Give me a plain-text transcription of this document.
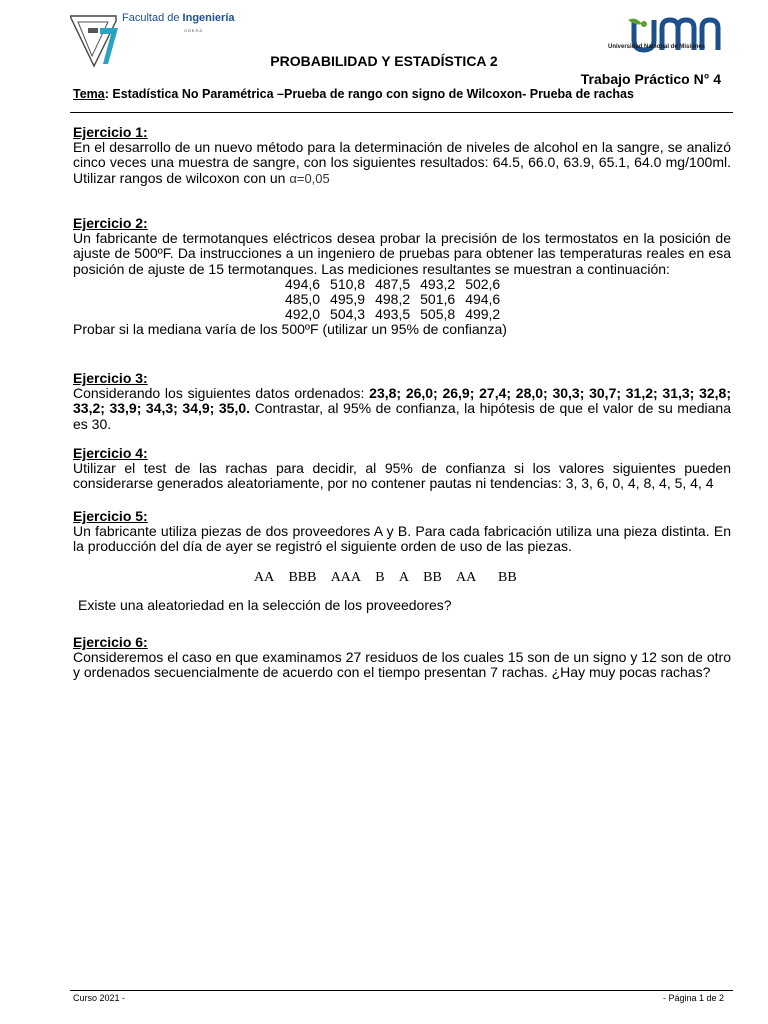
Facultad de Ingeniería
OBERÁ
Universidad Nacional de Misiones
PROBABILIDAD Y ESTADÍSTICA 2
Trabajo Práctico N° 4
Tema: Estadística No Paramétrica –Prueba de rango con signo de Wilcoxon- Prueba de rachas
Ejercicio 1:
En el desarrollo de un nuevo método para la determinación de niveles de alcohol en la sangre, se analizó cinco veces una muestra de sangre, con los siguientes resultados: 64.5, 66.0, 63.9, 65.1, 64.0 mg/100ml. Utilizar rangos de wilcoxon con un α=0,05
Ejercicio 2:
Un fabricante de termotanques eléctricos desea probar la precisión de los termostatos en la posición de ajuste de 500ºF. Da instrucciones a un ingeniero de pruebas para obtener las temperaturas reales en esa posición de ajuste de 15 termotanques. Las mediciones resultantes se muestran a continuación:
494,6	510,8	487,5	493,2	502,6
485,0	495,9	498,2	501,6	494,6
492,0	504,3	493,5	505,8	499,2
Probar si la mediana varía de los 500ºF (utilizar un 95% de confianza)
Ejercicio 3:
Considerando los siguientes datos ordenados: 23,8; 26,0; 26,9; 27,4; 28,0; 30,3; 30,7; 31,2; 31,3; 32,8; 33,2; 33,9; 34,3; 34,9; 35,0. Contrastar, al 95% de confianza, la hipótesis de que el valor de su mediana es 30.
Ejercicio 4:
Utilizar el test de las rachas para decidir, al 95% de confianza si los valores siguientes pueden considerarse generados aleatoriamente, por no contener pautas ni tendencias: 3, 3, 6, 0, 4, 8, 4, 5, 4, 4
Ejercicio 5:
Un fabricante utiliza piezas de dos proveedores A y B. Para cada fabricación utiliza una pieza distinta. En la producción del día de ayer se registró el siguiente orden de uso de las piezas.
AA  BBB  AAA  B  A  BB  AA   BB
Existe una aleatoriedad en la selección de los proveedores?
Ejercicio 6:
Consideremos el caso en que examinamos 27 residuos de los cuales 15 son de un signo y 12 son de otro y ordenados secuencialmente de acuerdo con el tiempo presentan 7 rachas. ¿Hay muy pocas rachas?
Curso 2021 -	- Página 1 de 2
